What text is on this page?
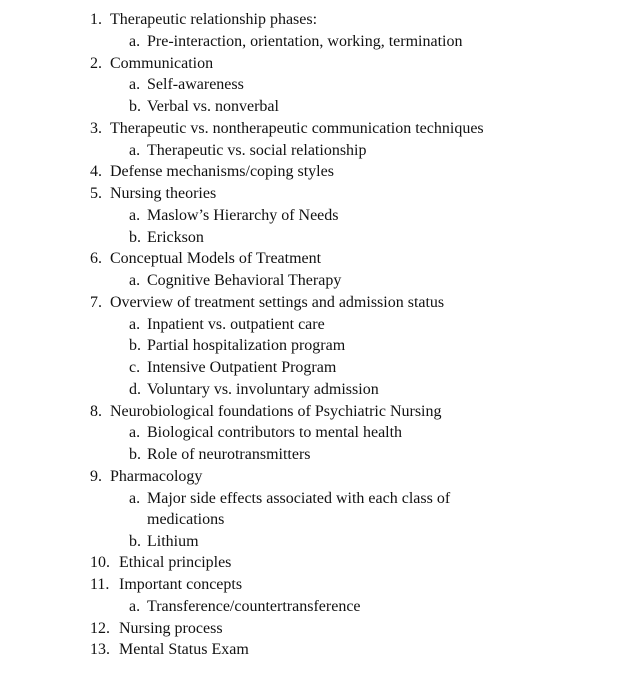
1. Therapeutic relationship phases:
a. Pre-interaction, orientation, working, termination
2. Communication
a. Self-awareness
b. Verbal vs. nonverbal
3. Therapeutic vs. nontherapeutic communication techniques
a. Therapeutic vs. social relationship
4. Defense mechanisms/coping styles
5. Nursing theories
a. Maslow’s Hierarchy of Needs
b. Erickson
6. Conceptual Models of Treatment
a. Cognitive Behavioral Therapy
7. Overview of treatment settings and admission status
a. Inpatient vs. outpatient care
b. Partial hospitalization program
c. Intensive Outpatient Program
d. Voluntary vs. involuntary admission
8. Neurobiological foundations of Psychiatric Nursing
a. Biological contributors to mental health
b. Role of neurotransmitters
9. Pharmacology
a. Major side effects associated with each class of medications
b. Lithium
10. Ethical principles
11. Important concepts
a. Transference/countertransference
12. Nursing process
13. Mental Status Exam
